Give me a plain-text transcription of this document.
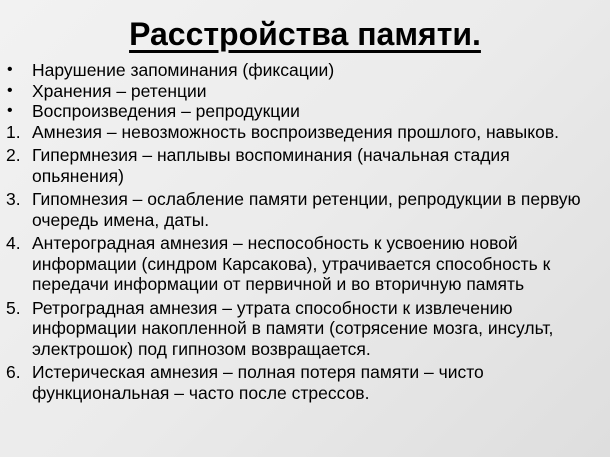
Расстройства памяти.
• Нарушение запоминания (фиксации)
• Хранения – ретенции
• Воспроизведения – репродукции
1. Амнезия – невозможность воспроизведения прошлого, навыков.
2. Гипермнезия – наплывы воспоминания (начальная стадия опьянения)
3. Гипомнезия – ослабление памяти ретенции, репродукции в первую очередь имена, даты.
4. Антероградная амнезия – неспособность к усвоению новой информации (синдром Карсакова), утрачивается способность к передачи информации от первичной и во вторичную память
5. Ретроградная амнезия – утрата способности к извлечению информации накопленной в памяти (сотрясение мозга, инсульт, электрошок) под гипнозом возвращается.
6. Истерическая амнезия – полная потеря памяти – чисто функциональная – часто после стрессов.
